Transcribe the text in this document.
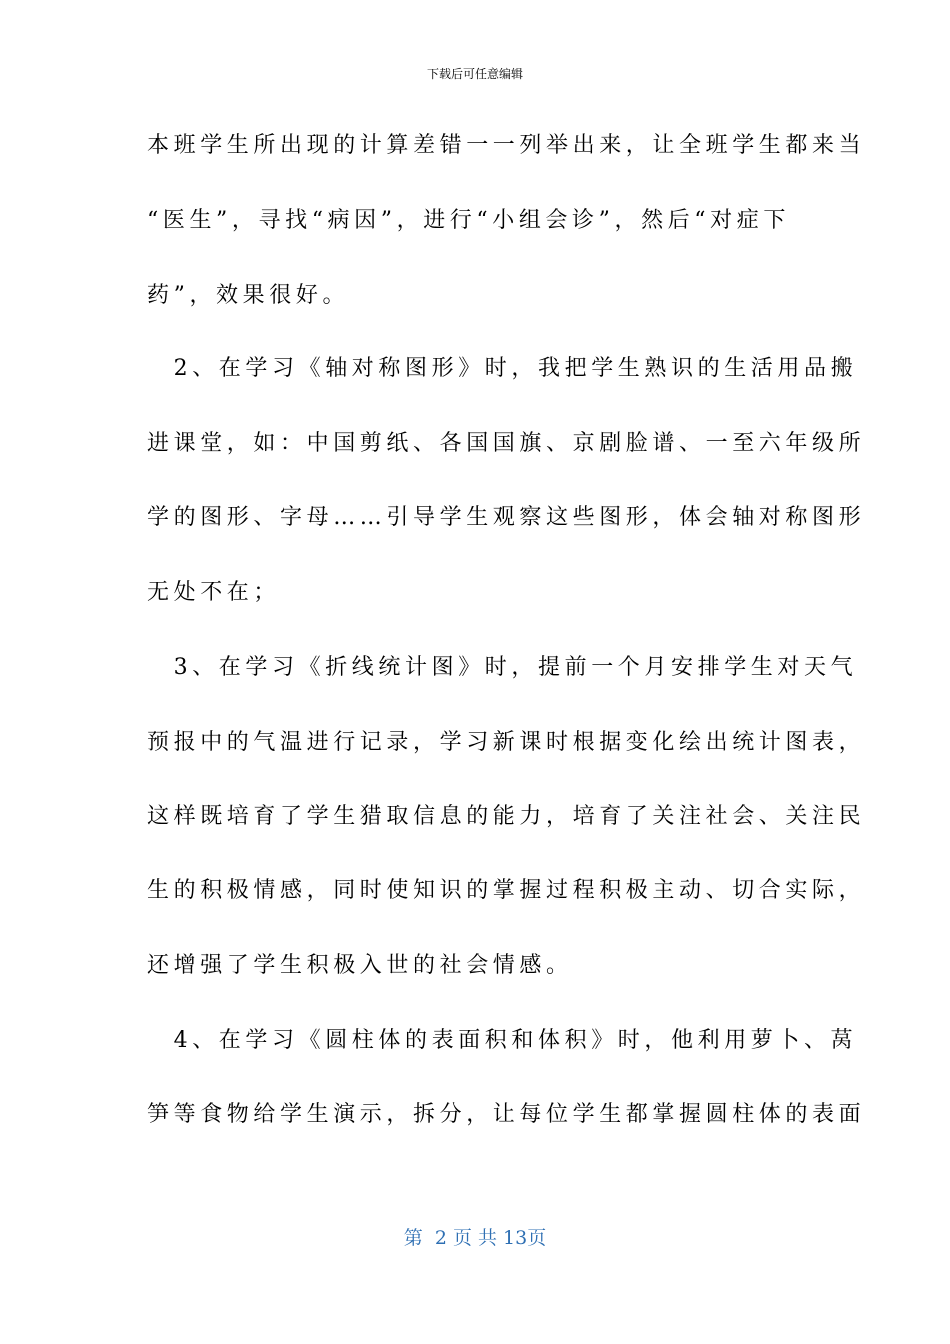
下载后可任意编辑
本班学生所出现的计算差错一一列举出来，让全班学生都来当
“医生”，寻找“病因”，进行“小组会诊”，然后“对症下
药”，效果很好。
　2、在学习《轴对称图形》时，我把学生熟识的生活用品搬
进课堂，如：中国剪纸、各国国旗、京剧脸谱、一至六年级所
学的图形、字母……引导学生观察这些图形，体会轴对称图形
无处不在；
　3、在学习《折线统计图》时，提前一个月安排学生对天气
预报中的气温进行记录，学习新课时根据变化绘出统计图表，
这样既培育了学生猎取信息的能力，培育了关注社会、关注民
生的积极情感，同时使知识的掌握过程积极主动、切合实际，
还增强了学生积极入世的社会情感。
　4、在学习《圆柱体的表面积和体积》时，他利用萝卜、莴
笋等食物给学生演示，拆分，让每位学生都掌握圆柱体的表面
第  2 页 共 13页
